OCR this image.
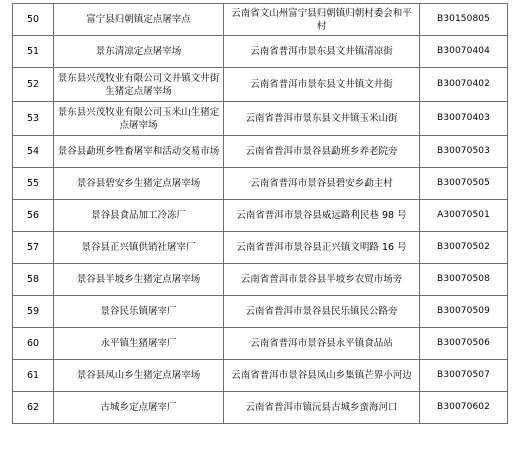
50	富宁县归朝镇定点屠宰点	云南省文山州富宁县归朝镇归朝村委会和平村	B30150805
51	景东清凉定点屠宰场	云南省普洱市景东县文井镇清凉街	B30070404
52	景东县兴茂牧业有限公司文井镇文井街生猪定点屠宰场	云南省普洱市景东县文井镇文井街	B30070402
53	景东县兴茂牧业有限公司玉米山生猪定点屠宰场	云南省普洱市景东县文井镇玉米山街	B30070403
54	景谷县勐班乡牲畜屠宰和活动交易市场	云南省普洱市景谷县勐班乡养老院旁	B30070503
55	景谷县碧安乡生猪定点屠宰场	云南省普洱市景谷县碧安乡勐主村	B30070505
56	景谷县食品加工冷冻厂	云南省普洱市景谷县威远路利民巷 98 号	A30070501
57	景谷县正兴镇供销社屠宰厂	云南省普洱市景谷县正兴镇文明路 16 号	B30070502
58	景谷县半坡乡生猪定点屠宰场	云南省普洱市景谷县半坡乡农贸市场旁	B30070508
59	景谷民乐镇屠宰厂	云南省普洱市景谷县民乐镇民公路旁	B30070509
60	永平镇生猪屠宰厂	云南省普洱市景谷县永平镇食品站	B30070506
61	景谷县凤山乡生猪定点屠宰场	云南省普洱市景谷县凤山乡集镇芒界小河边	B30070507
62	古城乡定点屠宰厂	云南省普洱市镇沅县古城乡蛮海河口	B30070602
